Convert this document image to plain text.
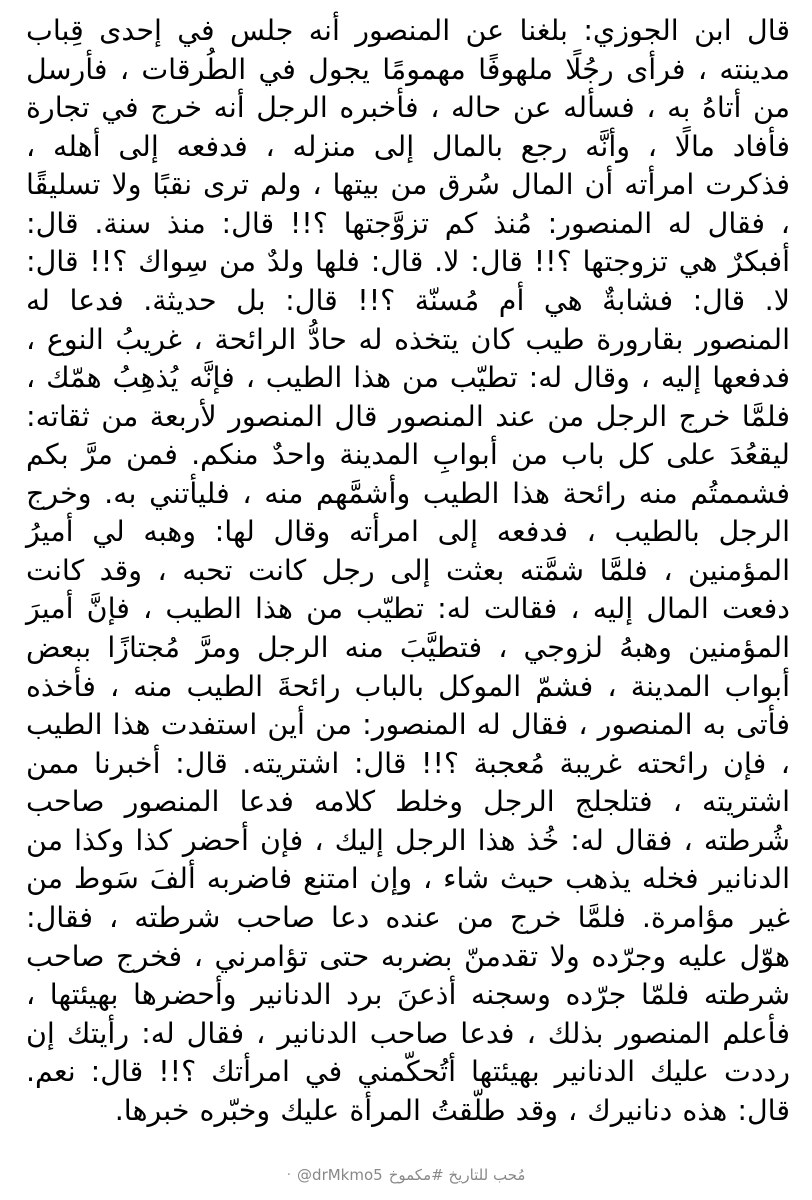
قال ابن الجوزي: بلغنا عن المنصور أنه جلس في إحدى قِباب مدينته ، فرأى رجُلًا ملهوفًا مهمومًا يجول في الطُرقات ، فأرسل من أتاهُ به ، فسأله عن حاله ، فأخبره الرجل أنه خرج في تجارة فأفاد مالًا ، وأنَّه رجع بالمال إلى منزله ، فدفعه إلى أهله ، فذكرت امرأته أن المال سُرق من بيتها ، ولم ترى نقبًا ولا تسليقًا ، فقال له المنصور: مُنذ كم تزوَّجتها ؟!! قال: منذ سنة. قال: أفبكرٌ هي تزوجتها ؟!! قال: لا. قال: فلها ولدٌ من سِواك ؟!! قال: لا. قال: فشابةٌ هي أم مُسنّة ؟!! قال: بل حديثة. فدعا له المنصور بقارورة طيب كان يتخذه له حادُّ الرائحة ، غريبُ النوع ، فدفعها إليه ، وقال له: تطيّب من هذا الطيب ، فإنَّه يُذهِبُ همّك ، فلمَّا خرج الرجل من عند المنصور قال المنصور لأربعة من ثقاته: ليقعُدَ على كل باب من أبوابِ المدينة واحدٌ منكم. فمن مرَّ بكم فشممتُم منه رائحة هذا الطيب وأشمَّهم منه ، فليأتني به. وخرج الرجل بالطيب ، فدفعه إلى امرأته وقال لها: وهبه لي أميرُ المؤمنين ، فلمَّا شمَّته بعثت إلى رجل كانت تحبه ، وقد كانت دفعت المال إليه ، فقالت له: تطيّب من هذا الطيب ، فإنَّ أميرَ المؤمنين وهبهُ لزوجي ، فتطيَّبَ منه الرجل ومرَّ مُجتازًا ببعض أبواب المدينة ، فشمّ الموكل بالباب رائحةَ الطيب منه ، فأخذه فأتى به المنصور ، فقال له المنصور: من أين استفدت هذا الطيب ، فإن رائحته غريبة مُعجبة ؟!! قال: اشتريته. قال: أخبرنا ممن اشتريته ، فتلجلج الرجل وخلط كلامه فدعا المنصور صاحب شُرطته ، فقال له: خُذ هذا الرجل إليك ، فإن أحضر كذا وكذا من الدنانير فخله يذهب حيث شاء ، وإن امتنع فاضربه ألفَ سَوط من غير مؤامرة. فلمَّا خرج من عنده دعا صاحب شرطته ، فقال: هوّل عليه وجرّده ولا تقدمنّ بضربه حتى تؤامرني ، فخرج صاحب شرطته فلمّا جرّده وسجنه أذعنَ برد الدنانير وأحضرها بهيئتها ، فأعلم المنصور بذلك ، فدعا صاحب الدنانير ، فقال له: رأيتك إن رددت عليك الدنانير بهيئتها أتُحكّمني في امرأتك ؟!! قال: نعم. قال: هذه دنانيرك ، وقد طلّقتُ المرأة عليك وخبّره خبرها.

مُحب للتاريخ #مكموخ
@drMkmo5
·
